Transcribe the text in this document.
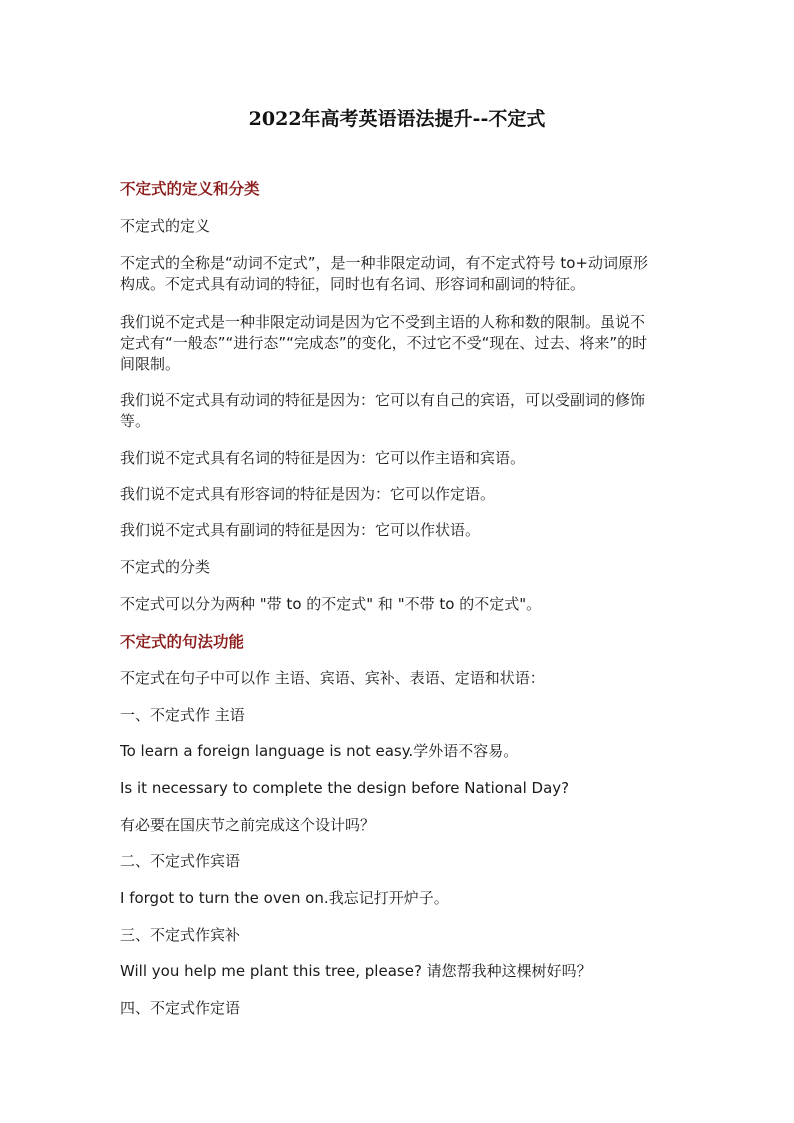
2022年高考英语语法提升--不定式
不定式的定义和分类
不定式的定义
不定式的全称是“动词不定式”，是一种非限定动词，有不定式符号 to+动词原形
构成。不定式具有动词的特征，同时也有名词、形容词和副词的特征。
我们说不定式是一种非限定动词是因为它不受到主语的人称和数的限制。虽说不
定式有“一般态”“进行态”“完成态”的变化，不过它不受“现在、过去、将来”的时
间限制。
我们说不定式具有动词的特征是因为：它可以有自己的宾语，可以受副词的修饰
等。
我们说不定式具有名词的特征是因为：它可以作主语和宾语。
我们说不定式具有形容词的特征是因为：它可以作定语。
我们说不定式具有副词的特征是因为：它可以作状语。
不定式的分类
不定式可以分为两种 "带 to 的不定式" 和 "不带 to 的不定式"。
不定式的句法功能
不定式在句子中可以作 主语、宾语、宾补、表语、定语和状语：
一、不定式作 主语
To learn a foreign language is not easy.学外语不容易。
Is it necessary to complete the design before National Day?
有必要在国庆节之前完成这个设计吗？
二、不定式作宾语
I forgot to turn the oven on.我忘记打开炉子。
三、不定式作宾补
Will you help me plant this tree, please? 请您帮我种这棵树好吗？
四、不定式作定语
